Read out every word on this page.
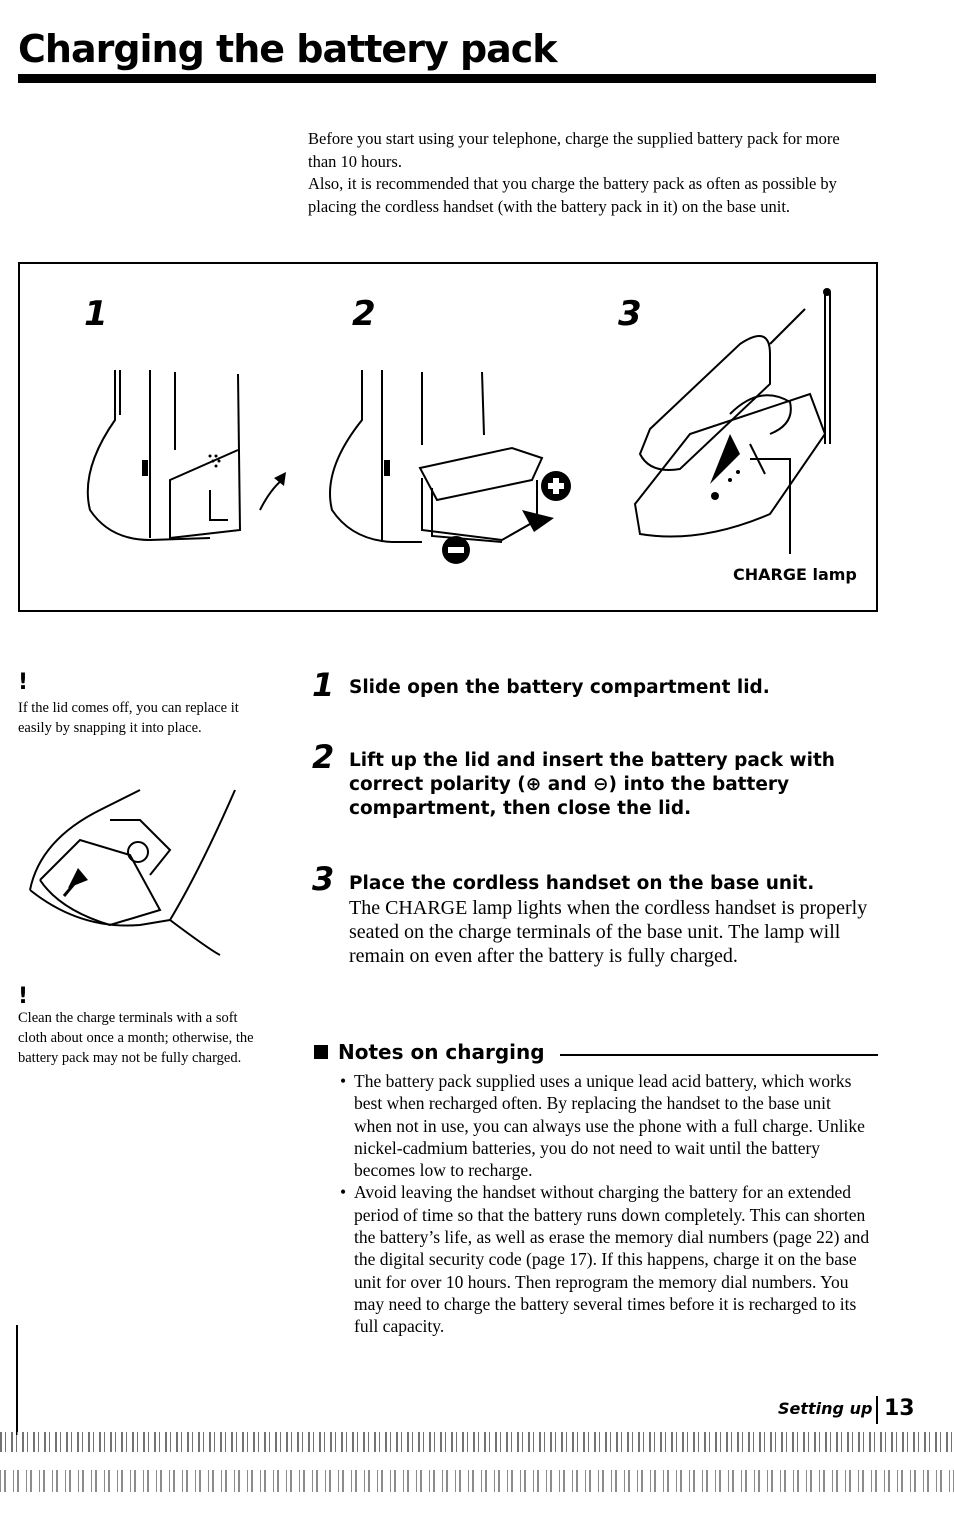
Charging the battery pack

Before you start using your telephone, charge the supplied battery pack for more than 10 hours.

Also, it is recommended that you charge the battery pack as often as possible by placing the cordless handset (with the battery pack in it) on the base unit.

1	2	3
CHARGE lamp
!
If the lid comes off, you can replace it easily by snapping it into place.
!
Clean the charge terminals with a soft cloth about once a month; otherwise, the battery pack may not be fully charged.
1 Slide open the battery compartment lid.
2 Lift up the lid and insert the battery pack with correct polarity (⊕ and ⊖) into the battery compartment, then close the lid.
3 Place the cordless handset on the base unit.
The CHARGE lamp lights when the cordless handset is properly seated on the charge terminals of the base unit. The lamp will remain on even after the battery is fully charged.
Notes on charging
• The battery pack supplied uses a unique lead acid battery, which works best when recharged often. By replacing the handset to the base unit when not in use, you can always use the phone with a full charge. Unlike nickel-cadmium batteries, you do not need to wait until the battery becomes low to recharge.
• Avoid leaving the handset without charging the battery for an extended period of time so that the battery runs down completely. This can shorten the battery’s life, as well as erase the memory dial numbers (page 22) and the digital security code (page 17). If this happens, charge it on the base unit for over 10 hours. Then reprogram the memory dial numbers. You may need to charge the battery several times before it is recharged to its full capacity.
Setting up 13
